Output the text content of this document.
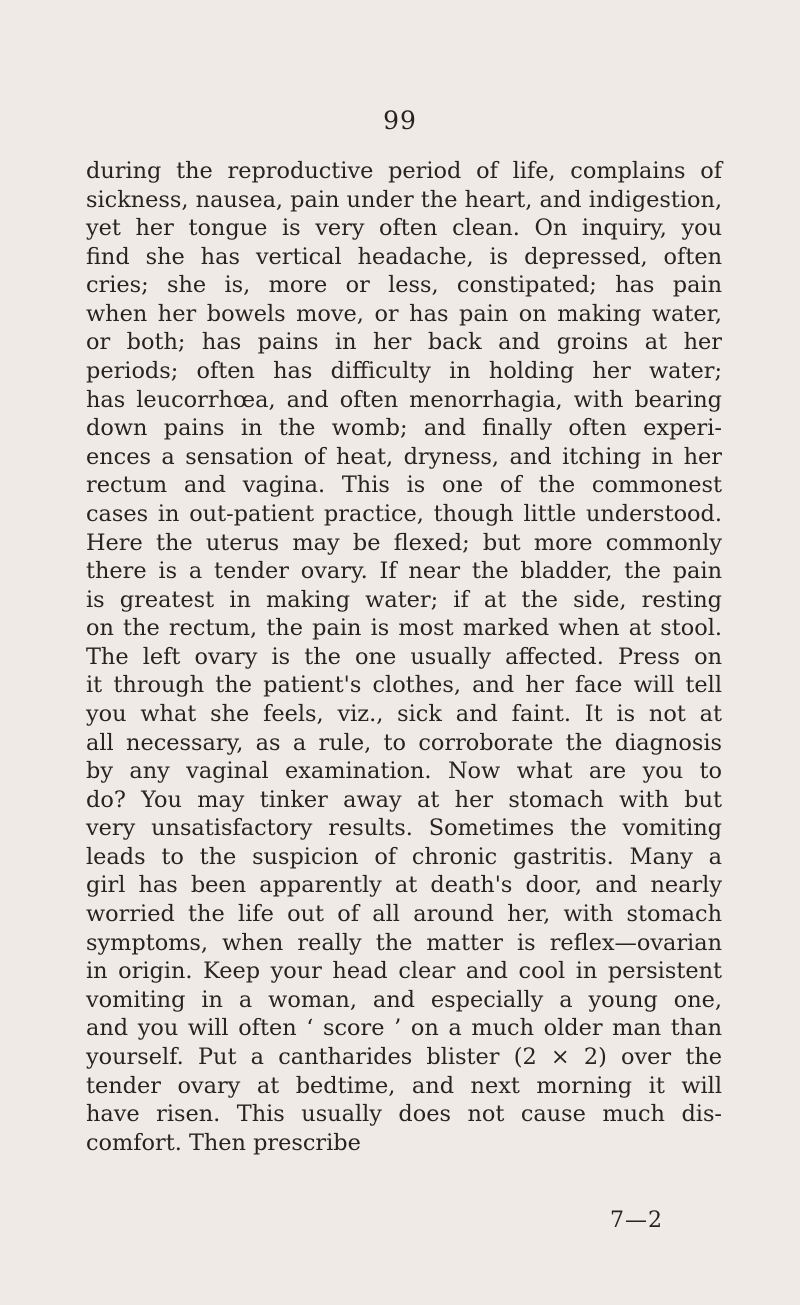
99
during the reproductive period of life, complains of
sickness, nausea, pain under the heart, and indigestion,
yet her tongue is very often clean. On inquiry, you
find she has vertical headache, is depressed, often
cries; she is, more or less, constipated; has pain
when her bowels move, or has pain on making water,
or both; has pains in her back and groins at her
periods; often has difficulty in holding her water;
has leucorrhœa, and often menorrhagia, with bearing
down pains in the womb; and finally often experi-
ences a sensation of heat, dryness, and itching in her
rectum and vagina. This is one of the commonest
cases in out-patient practice, though little understood.
Here the uterus may be flexed; but more commonly
there is a tender ovary. If near the bladder, the pain
is greatest in making water; if at the side, resting
on the rectum, the pain is most marked when at stool.
The left ovary is the one usually affected. Press on
it through the patient's clothes, and her face will tell
you what she feels, viz., sick and faint. It is not at
all necessary, as a rule, to corroborate the diagnosis
by any vaginal examination. Now what are you to
do? You may tinker away at her stomach with but
very unsatisfactory results. Sometimes the vomiting
leads to the suspicion of chronic gastritis. Many a
girl has been apparently at death's door, and nearly
worried the life out of all around her, with stomach
symptoms, when really the matter is reflex—ovarian
in origin. Keep your head clear and cool in persistent
vomiting in a woman, and especially a young one,
and you will often ‘ score ’ on a much older man than
yourself. Put a cantharides blister (2 × 2) over the
tender ovary at bedtime, and next morning it will
have risen. This usually does not cause much dis-
comfort. Then prescribe
7—2
